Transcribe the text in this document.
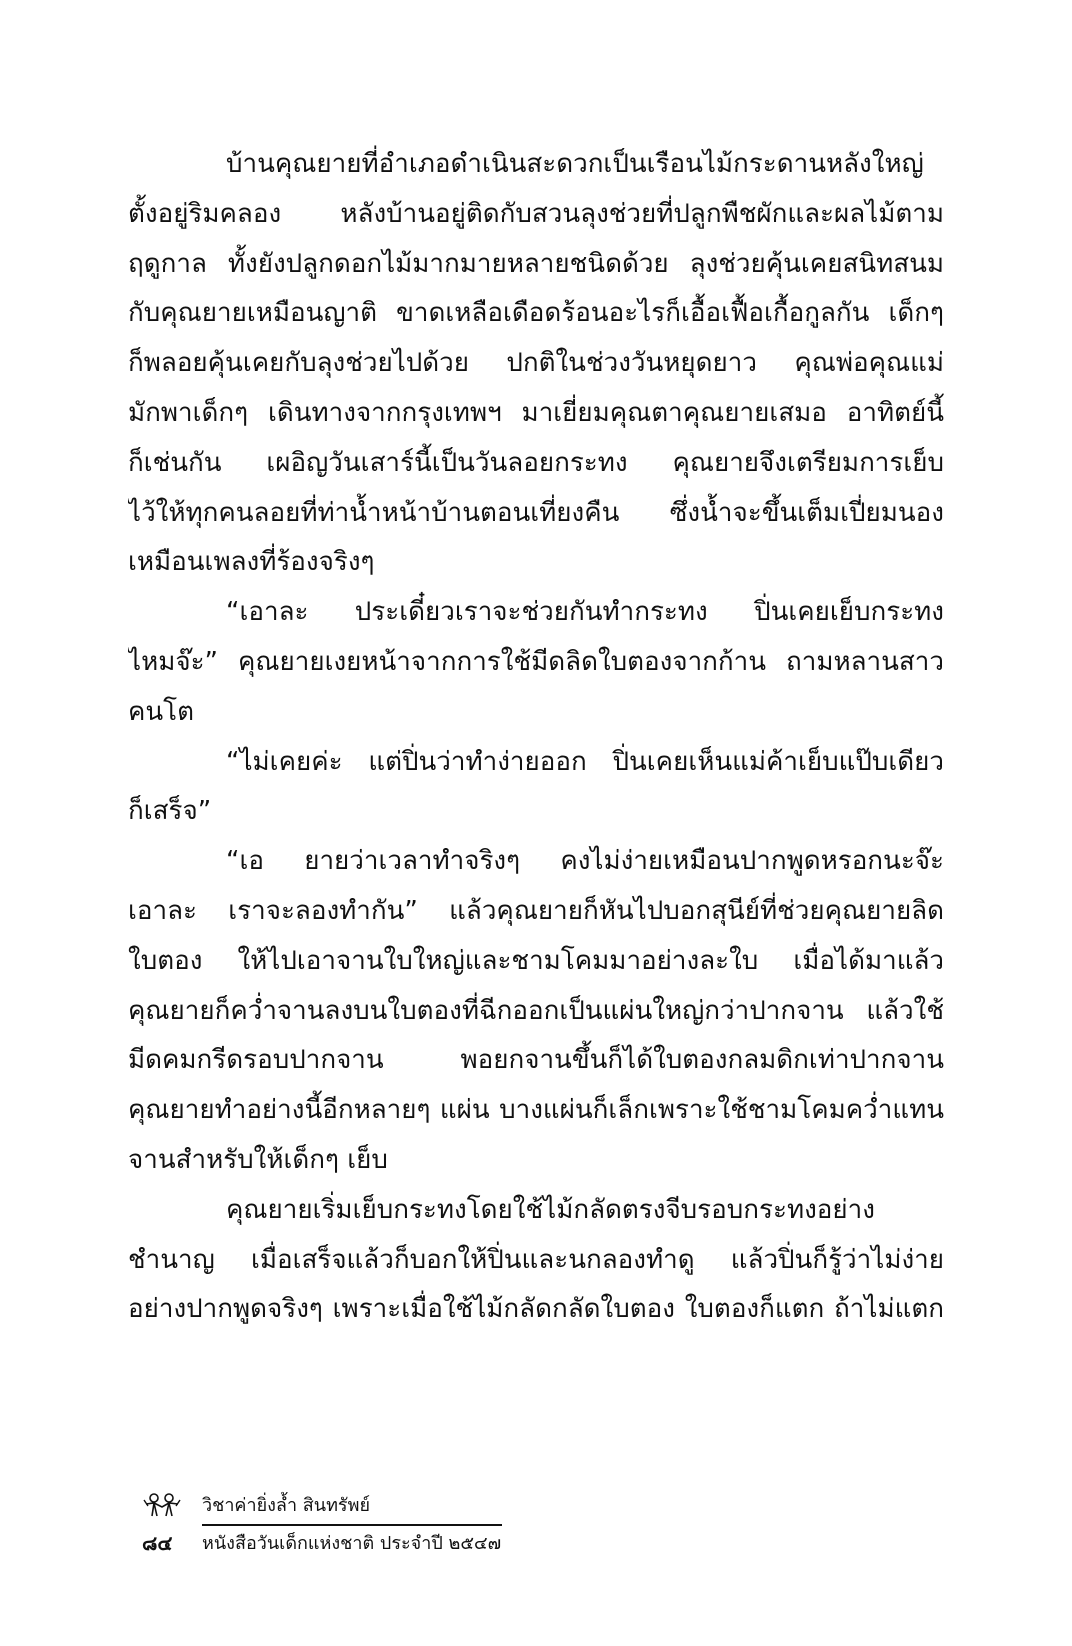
บ้านคุณยายที่อำเภอดำเนินสะดวกเป็นเรือนไม้กระดานหลังใหญ่
ตั้งอยู่ริมคลอง หลังบ้านอยู่ติดกับสวนลุงช่วยที่ปลูกพืชผักและผลไม้ตาม
ฤดูกาล ทั้งยังปลูกดอกไม้มากมายหลายชนิดด้วย ลุงช่วยคุ้นเคยสนิทสนม
กับคุณยายเหมือนญาติ ขาดเหลือเดือดร้อนอะไรก็เอื้อเฟื้อเกื้อกูลกัน เด็กๆ
ก็พลอยคุ้นเคยกับลุงช่วยไปด้วย ปกติในช่วงวันหยุดยาว คุณพ่อคุณแม่
มักพาเด็กๆ เดินทางจากกรุงเทพฯ มาเยี่ยมคุณตาคุณยายเสมอ อาทิตย์นี้
ก็เช่นกัน เผอิญวันเสาร์นี้เป็นวันลอยกระทง คุณยายจึงเตรียมการเย็บ
ไว้ให้ทุกคนลอยที่ท่าน้ำหน้าบ้านตอนเที่ยงคืน ซึ่งน้ำจะขึ้นเต็มเปี่ยมนอง
เหมือนเพลงที่ร้องจริงๆ

“เอาละ ประเดี๋ยวเราจะช่วยกันทำกระทง ปิ่นเคยเย็บกระทง
ไหมจ๊ะ” คุณยายเงยหน้าจากการใช้มีดลิดใบตองจากก้าน ถามหลานสาว
คนโต

“ไม่เคยค่ะ แต่ปิ่นว่าทำง่ายออก ปิ่นเคยเห็นแม่ค้าเย็บแป๊บเดียว
ก็เสร็จ”

“เอ ยายว่าเวลาทำจริงๆ คงไม่ง่ายเหมือนปากพูดหรอกนะจ๊ะ
เอาละ เราจะลองทำกัน” แล้วคุณยายก็หันไปบอกสุนีย์ที่ช่วยคุณยายลิด
ใบตอง ให้ไปเอาจานใบใหญ่และชามโคมมาอย่างละใบ เมื่อได้มาแล้ว
คุณยายก็คว่ำจานลงบนใบตองที่ฉีกออกเป็นแผ่นใหญ่กว่าปากจาน แล้วใช้
มีดคมกรีดรอบปากจาน พอยกจานขึ้นก็ได้ใบตองกลมดิกเท่าปากจาน
คุณยายทำอย่างนี้อีกหลายๆ แผ่น บางแผ่นก็เล็กเพราะใช้ชามโคมคว่ำแทน
จานสำหรับให้เด็กๆ เย็บ

คุณยายเริ่มเย็บกระทงโดยใช้ไม้กลัดตรงจีบรอบกระทงอย่าง
ชำนาญ เมื่อเสร็จแล้วก็บอกให้ปิ่นและนกลองทำดู แล้วปิ่นก็รู้ว่าไม่ง่าย
อย่างปากพูดจริงๆ เพราะเมื่อใช้ไม้กลัดกลัดใบตอง ใบตองก็แตก ถ้าไม่แตก

วิชาค่ายิ่งล้ำ สินทรัพย์
๘๔ หนังสือวันเด็กแห่งชาติ ประจำปี ๒๕๔๗
